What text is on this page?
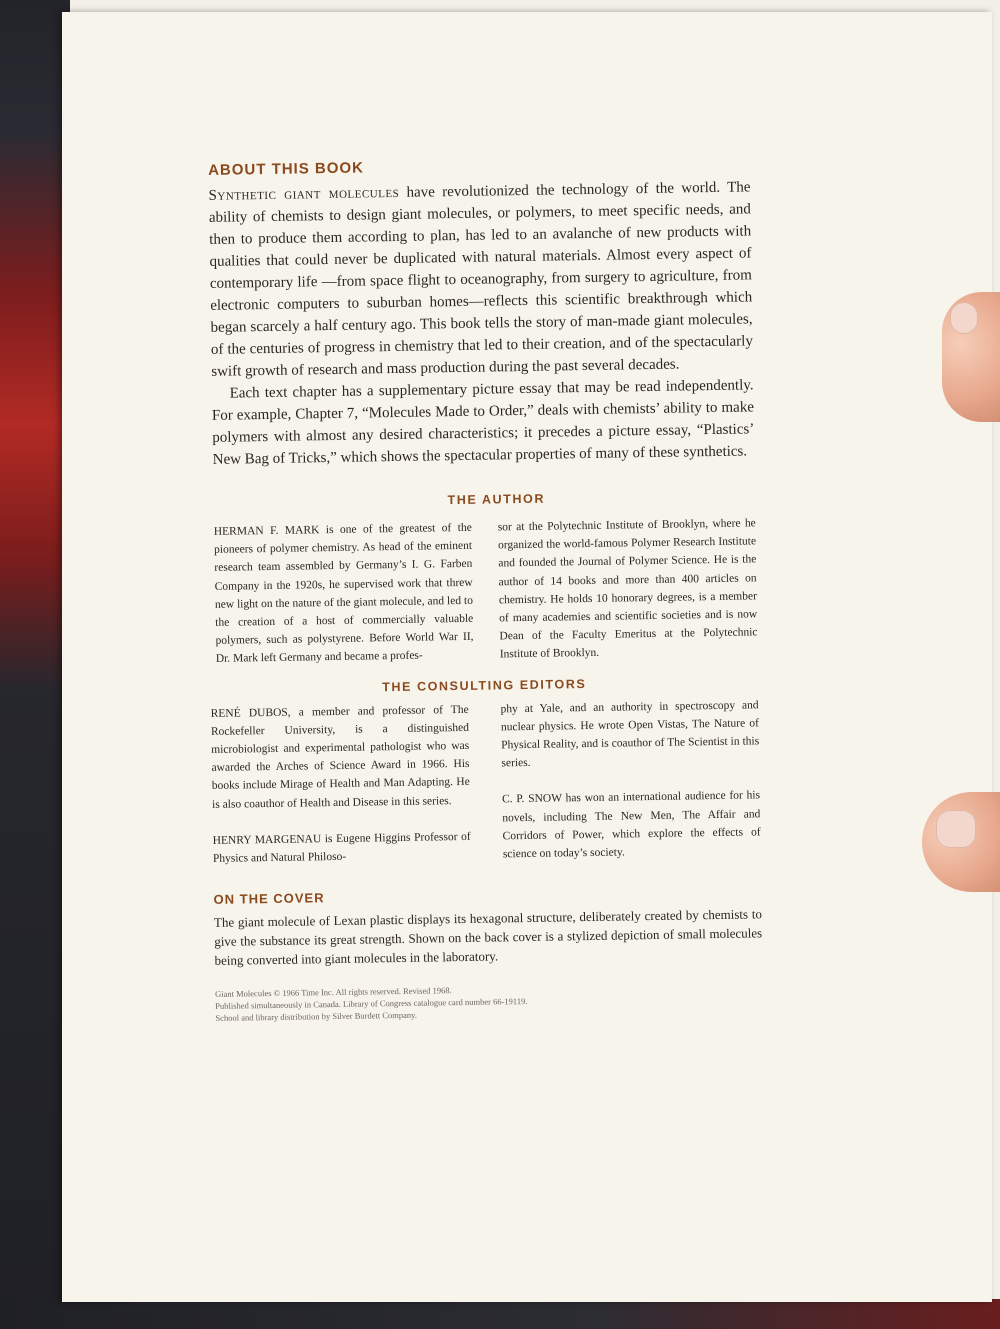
ABOUT THIS BOOK

Synthetic giant molecules have revolutionized the technology of the world. The ability of chemists to design giant molecules, or polymers, to meet specific needs, and then to produce them according to plan, has led to an avalanche of new products with qualities that could never be duplicated with natural materials. Almost every aspect of contemporary life —from space flight to oceanography, from surgery to agriculture, from electronic computers to suburban homes—reflects this scientific breakthrough which began scarcely a half century ago. This book tells the story of man-made giant molecules, of the centuries of progress in chemistry that led to their creation, and of the spectacularly swift growth of research and mass production during the past several decades.

Each text chapter has a supplementary picture essay that may be read independently. For example, Chapter 7, “Molecules Made to Order,” deals with chemists’ ability to make polymers with almost any desired characteristics; it precedes a picture essay, “Plastics’ New Bag of Tricks,” which shows the spectacular properties of many of these synthetics.

THE AUTHOR

HERMAN F. MARK is one of the greatest of the pioneers of polymer chemistry. As head of the eminent research team assembled by Germany’s I. G. Farben Company in the 1920s, he supervised work that threw new light on the nature of the giant molecule, and led to the creation of a host of commercially valuable polymers, such as polystyrene. Before World War II, Dr. Mark left Germany and became a profes-

sor at the Polytechnic Institute of Brooklyn, where he organized the world-famous Polymer Research Institute and founded the Journal of Polymer Science. He is the author of 14 books and more than 400 articles on chemistry. He holds 10 honorary degrees, is a member of many academies and scientific societies and is now Dean of the Faculty Emeritus at the Polytechnic Institute of Brooklyn.

THE CONSULTING EDITORS

RENÉ DUBOS, a member and professor of The Rockefeller University, is a distinguished microbiologist and experimental pathologist who was awarded the Arches of Science Award in 1966. His books include Mirage of Health and Man Adapting. He is also coauthor of Health and Disease in this series.

HENRY MARGENAU is Eugene Higgins Professor of Physics and Natural Philoso-

phy at Yale, and an authority in spectroscopy and nuclear physics. He wrote Open Vistas, The Nature of Physical Reality, and is coauthor of The Scientist in this series.

C. P. SNOW has won an international audience for his novels, including The New Men, The Affair and Corridors of Power, which explore the effects of science on today’s society.

ON THE COVER

The giant molecule of Lexan plastic displays its hexagonal structure, deliberately created by chemists to give the substance its great strength. Shown on the back cover is a stylized depiction of small molecules being converted into giant molecules in the laboratory.

Giant Molecules © 1966 Time Inc. All rights reserved. Revised 1968.

Published simultaneously in Canada. Library of Congress catalogue card number 66-19119.

School and library distribution by Silver Burdett Company.
